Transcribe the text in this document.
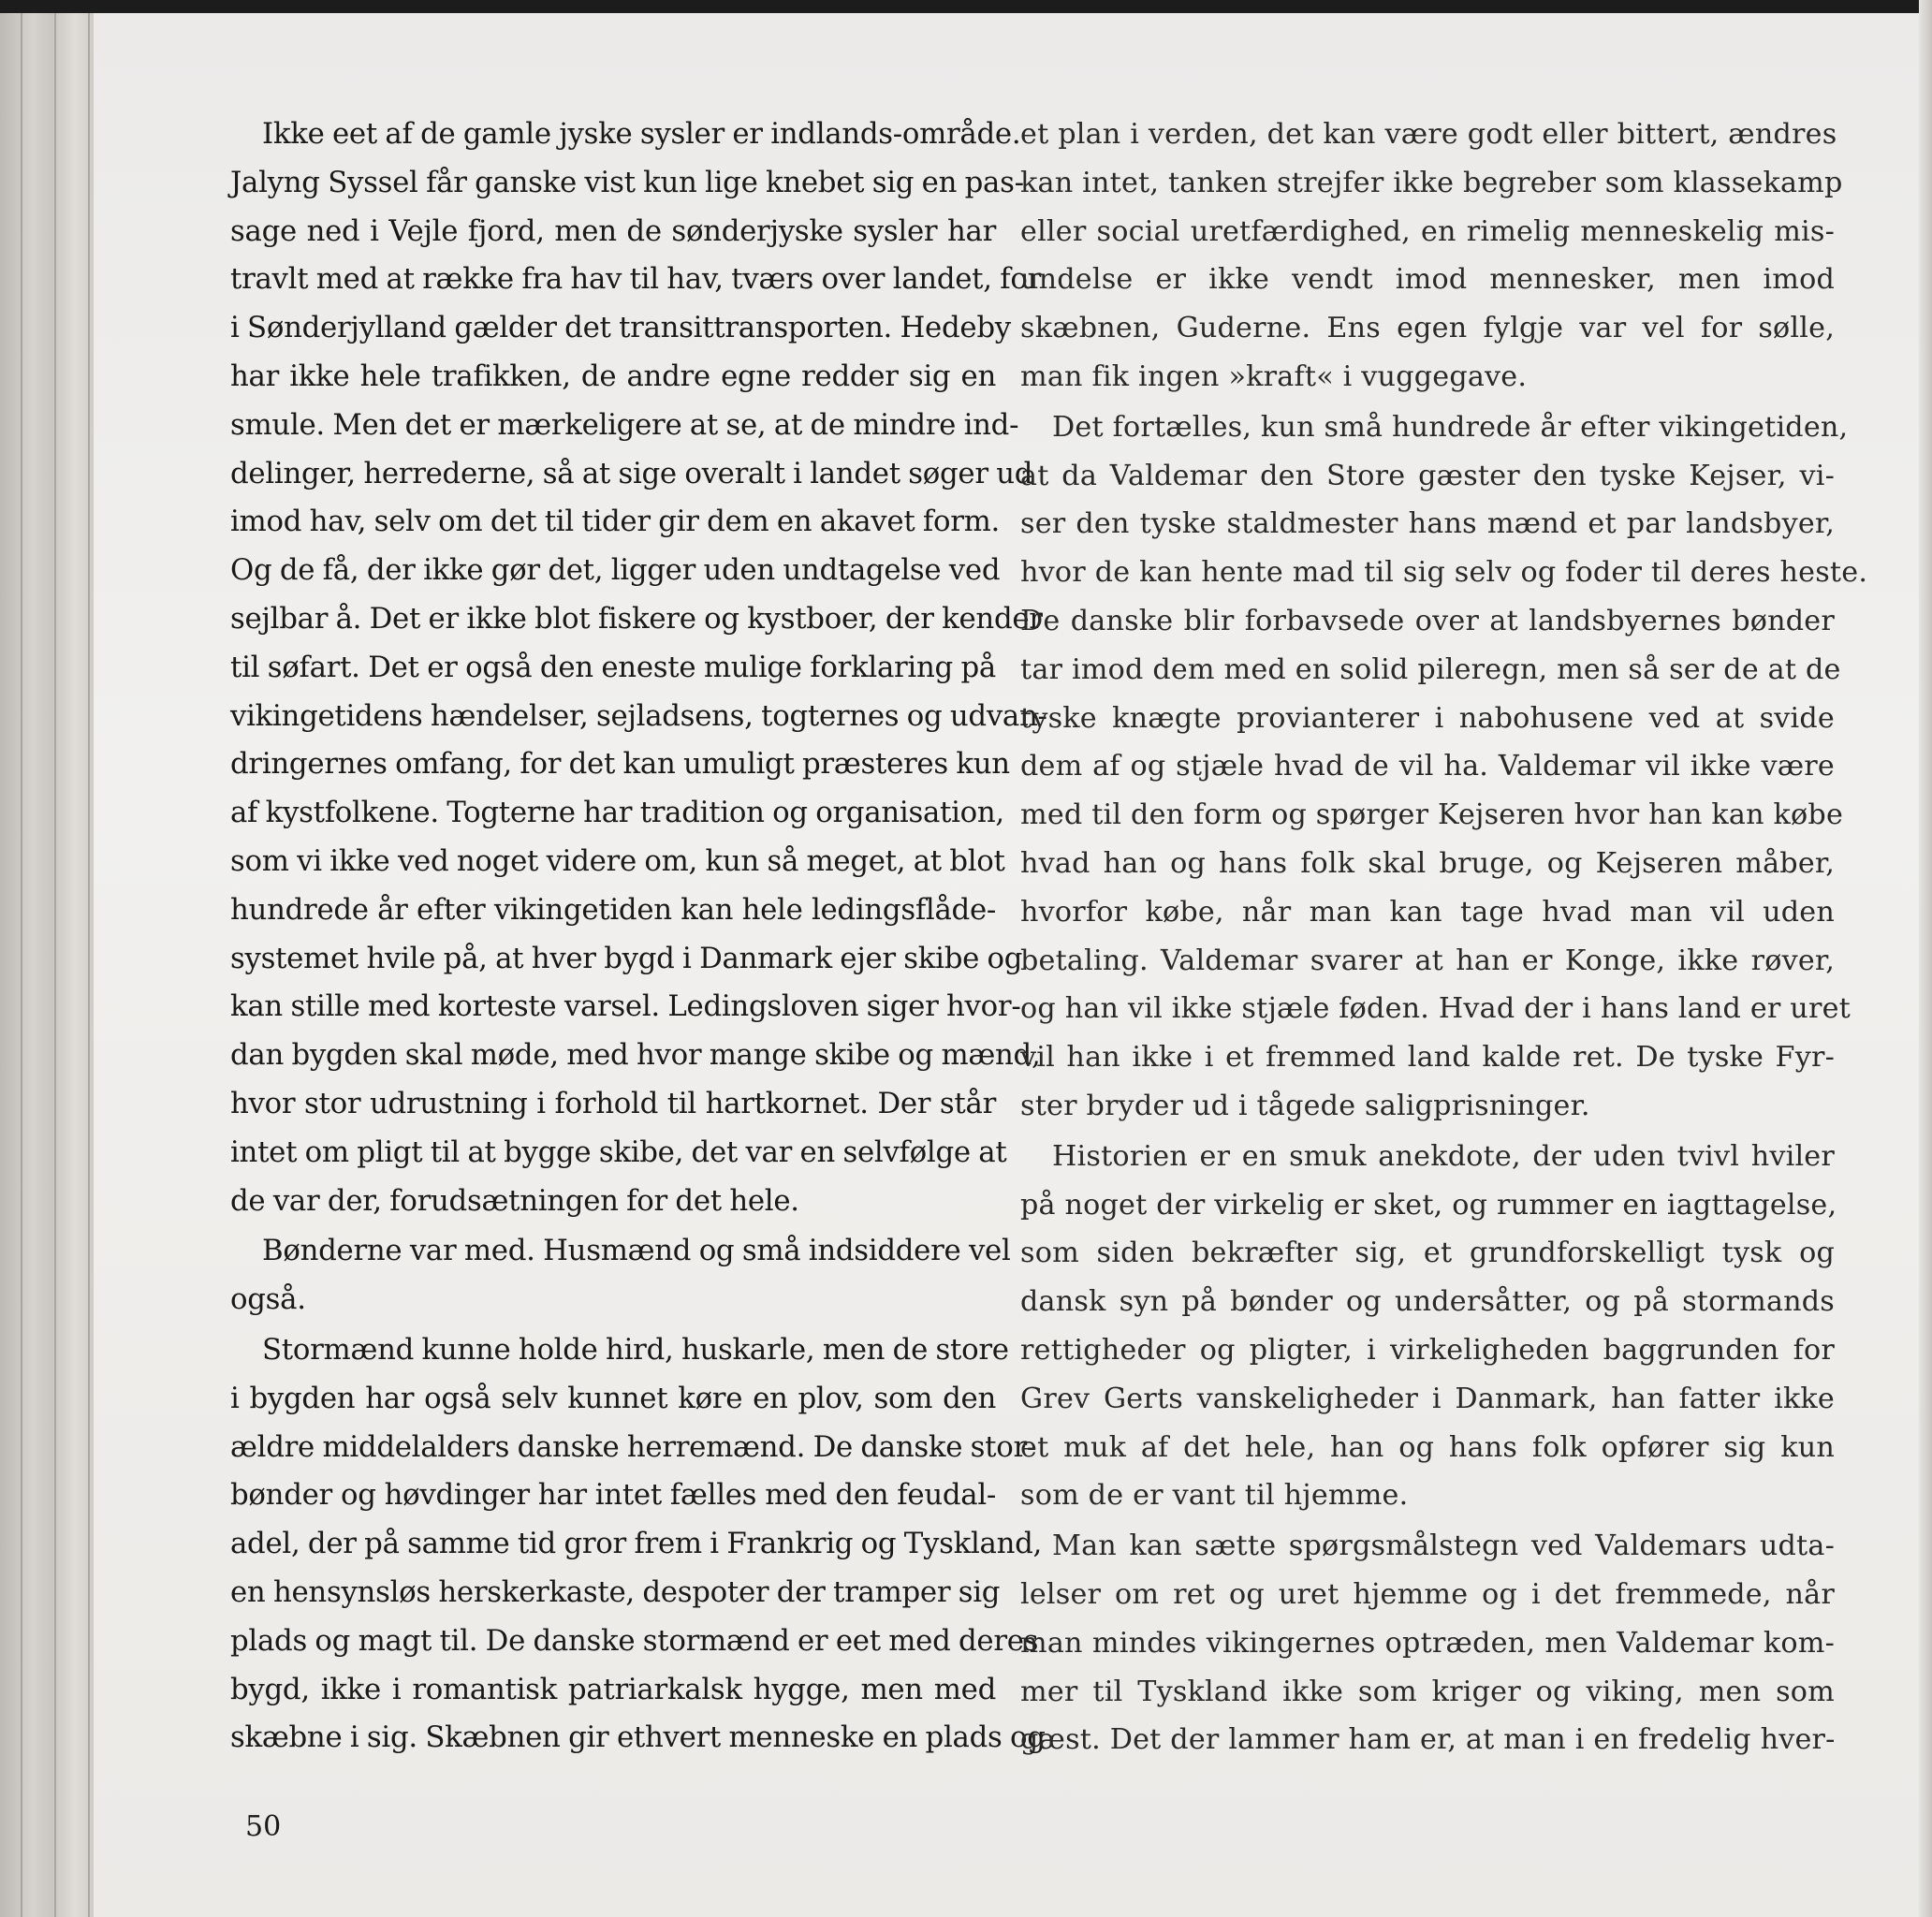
Ikke eet af de gamle jyske sysler er indlands-område.
Jalyng Syssel får ganske vist kun lige knebet sig en pas-
sage ned i Vejle fjord, men de sønderjyske sysler har
travlt med at række fra hav til hav, tværs over landet, for
i Sønderjylland gælder det transittransporten. Hedeby
har ikke hele trafikken, de andre egne redder sig en
smule. Men det er mærkeligere at se, at de mindre ind-
delinger, herrederne, så at sige overalt i landet søger ud
imod hav, selv om det til tider gir dem en akavet form.
Og de få, der ikke gør det, ligger uden undtagelse ved
sejlbar å. Det er ikke blot fiskere og kystboer, der kender
til søfart. Det er også den eneste mulige forklaring på
vikingetidens hændelser, sejladsens, togternes og udvan-
dringernes omfang, for det kan umuligt præsteres kun
af kystfolkene. Togterne har tradition og organisation,
som vi ikke ved noget videre om, kun så meget, at blot
hundrede år efter vikingetiden kan hele ledingsflåde-
systemet hvile på, at hver bygd i Danmark ejer skibe og
kan stille med korteste varsel. Ledingsloven siger hvor-
dan bygden skal møde, med hvor mange skibe og mænd,
hvor stor udrustning i forhold til hartkornet. Der står
intet om pligt til at bygge skibe, det var en selvfølge at
de var der, forudsætningen for det hele.
Bønderne var med. Husmænd og små indsiddere vel
også.
Stormænd kunne holde hird, huskarle, men de store
i bygden har også selv kunnet køre en plov, som den
ældre middelalders danske herremænd. De danske stor-
bønder og høvdinger har intet fælles med den feudal-
adel, der på samme tid gror frem i Frankrig og Tyskland,
en hensynsløs herskerkaste, despoter der tramper sig
plads og magt til. De danske stormænd er eet med deres
bygd, ikke i romantisk patriarkalsk hygge, men med
skæbne i sig. Skæbnen gir ethvert menneske en plads og
et plan i verden, det kan være godt eller bittert, ændres
kan intet, tanken strejfer ikke begreber som klassekamp
eller social uretfærdighed, en rimelig menneskelig mis-
undelse er ikke vendt imod mennesker, men imod
skæbnen, Guderne. Ens egen fylgje var vel for sølle,
man fik ingen »kraft« i vuggegave.
Det fortælles, kun små hundrede år efter vikingetiden,
at da Valdemar den Store gæster den tyske Kejser, vi-
ser den tyske staldmester hans mænd et par landsbyer,
hvor de kan hente mad til sig selv og foder til deres heste.
De danske blir forbavsede over at landsbyernes bønder
tar imod dem med en solid pileregn, men så ser de at de
tyske knægte provianterer i nabohusene ved at svide
dem af og stjæle hvad de vil ha. Valdemar vil ikke være
med til den form og spørger Kejseren hvor han kan købe
hvad han og hans folk skal bruge, og Kejseren måber,
hvorfor købe, når man kan tage hvad man vil uden
betaling. Valdemar svarer at han er Konge, ikke røver,
og han vil ikke stjæle føden. Hvad der i hans land er uret
vil han ikke i et fremmed land kalde ret. De tyske Fyr-
ster bryder ud i tågede saligprisninger.
Historien er en smuk anekdote, der uden tvivl hviler
på noget der virkelig er sket, og rummer en iagttagelse,
som siden bekræfter sig, et grundforskelligt tysk og
dansk syn på bønder og undersåtter, og på stormands
rettigheder og pligter, i virkeligheden baggrunden for
Grev Gerts vanskeligheder i Danmark, han fatter ikke
et muk af det hele, han og hans folk opfører sig kun
som de er vant til hjemme.
Man kan sætte spørgsmålstegn ved Valdemars udta-
lelser om ret og uret hjemme og i det fremmede, når
man mindes vikingernes optræden, men Valdemar kom-
mer til Tyskland ikke som kriger og viking, men som
gæst. Det der lammer ham er, at man i en fredelig hver-
50
